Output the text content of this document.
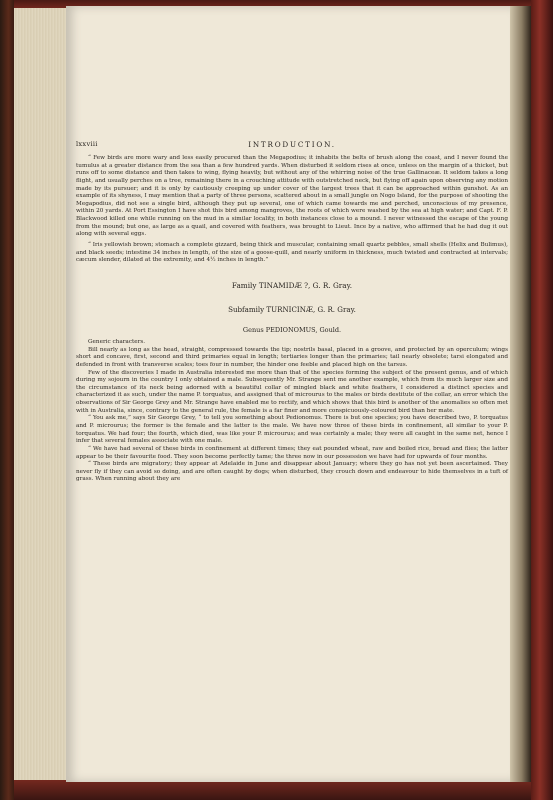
lxxviii	INTRODUCTION.

“ Few birds are more wary and less easily procured than the Megapodius; it inhabits the belts of brush along the coast, and I never found the tumulus at a greater distance from the sea than a few hundred yards. When disturbed it seldom rises at once, unless on the margin of a thicket, but runs off to some distance and then takes to wing, flying heavily, but without any of the whirring noise of the true Gallinaceæ. It seldom takes a long flight, and usually perches on a tree, remaining there in a crouching attitude with outstretched neck, but flying off again upon observing any motion made by its pursuer; and it is only by cautiously creeping up under cover of the largest trees that it can be approached within gunshot. As an example of its shyness, I may mention that a party of three persons, scattered about in a small jungle on Nogo Island, for the purpose of shooting the Megapodius, did not see a single bird, although they put up several, one of which came towards me and perched, unconscious of my presence, within 20 yards. At Port Essington I have shot this bird among mangroves, the roots of which were washed by the sea at high water; and Capt. F. P. Blackwood killed one while running on the mud in a similar locality, in both instances close to a mound. I never witnessed the escape of the young from the mound; but one, as large as a quail, and covered with feathers, was brought to Lieut. Ince by a native, who affirmed that he had dug it out along with several eggs.

“ Iris yellowish brown; stomach a complete gizzard, being thick and muscular, containing small quartz pebbles, small shells (Helix and Bulimus), and black seeds; intestine 34 inches in length, of the size of a goose-quill, and nearly uniform in thickness, much twisted and contracted at intervals; cæcum slender, dilated at the extremity, and 4½ inches in length.”

Family TINAMIDÆ ?, G. R. Gray.
Subfamily TURNICINÆ, G. R. Gray.
Genus PEDIONOMUS, Gould.

Generic characters.

Bill nearly as long as the head, straight, compressed towards the tip; nostrils basal, placed in a groove, and protected by an operculum; wings short and concave, first, second and third primaries equal in length; tertiaries longer than the primaries; tail nearly obsolete; tarsi elongated and defended in front with transverse scales; toes four in number, the hinder one feeble and placed high on the tarsus.

Few of the discoveries I made in Australia interested me more than that of the species forming the subject of the present genus, and of which during my sojourn in the country I only obtained a male. Subsequently Mr. Strange sent me another example, which from its much larger size and the circumstance of its neck being adorned with a beautiful collar of mingled black and white feathers, I considered a distinct species and characterized it as such, under the name P. torquatus, and assigned that of microurus to the males or birds destitute of the collar, an error which the observations of Sir George Grey and Mr. Strange have enabled me to rectify, and which shows that this bird is another of the anomalies so often met with in Australia, since, contrary to the general rule, the female is a far finer and more conspicuously-coloured bird than her mate.

“ You ask me,” says Sir George Grey, “ to tell you something about Pedionomus. There is but one species; you have described two, P. torquatus and P. microurus; the former is the female and the latter is the male. We have now three of these birds in confinement, all similar to your P. torquatus. We had four; the fourth, which died, was like your P. microurus; and was certainly a male; they were all caught in the same net, hence I infer that several females associate with one male.

“ We have had several of these birds in confinement at different times; they eat pounded wheat, raw and boiled rice, bread and flies; the latter appear to be their favourite food. They soon become perfectly tame; the three now in our possession we have had for upwards of four months.

“ These birds are migratory; they appear at Adelaide in June and disappear about January; where they go has not yet been ascertained. They never fly if they can avoid so doing, and are often caught by dogs; when disturbed, they crouch down and endeavour to hide themselves in a tuft of grass. When running about they are
